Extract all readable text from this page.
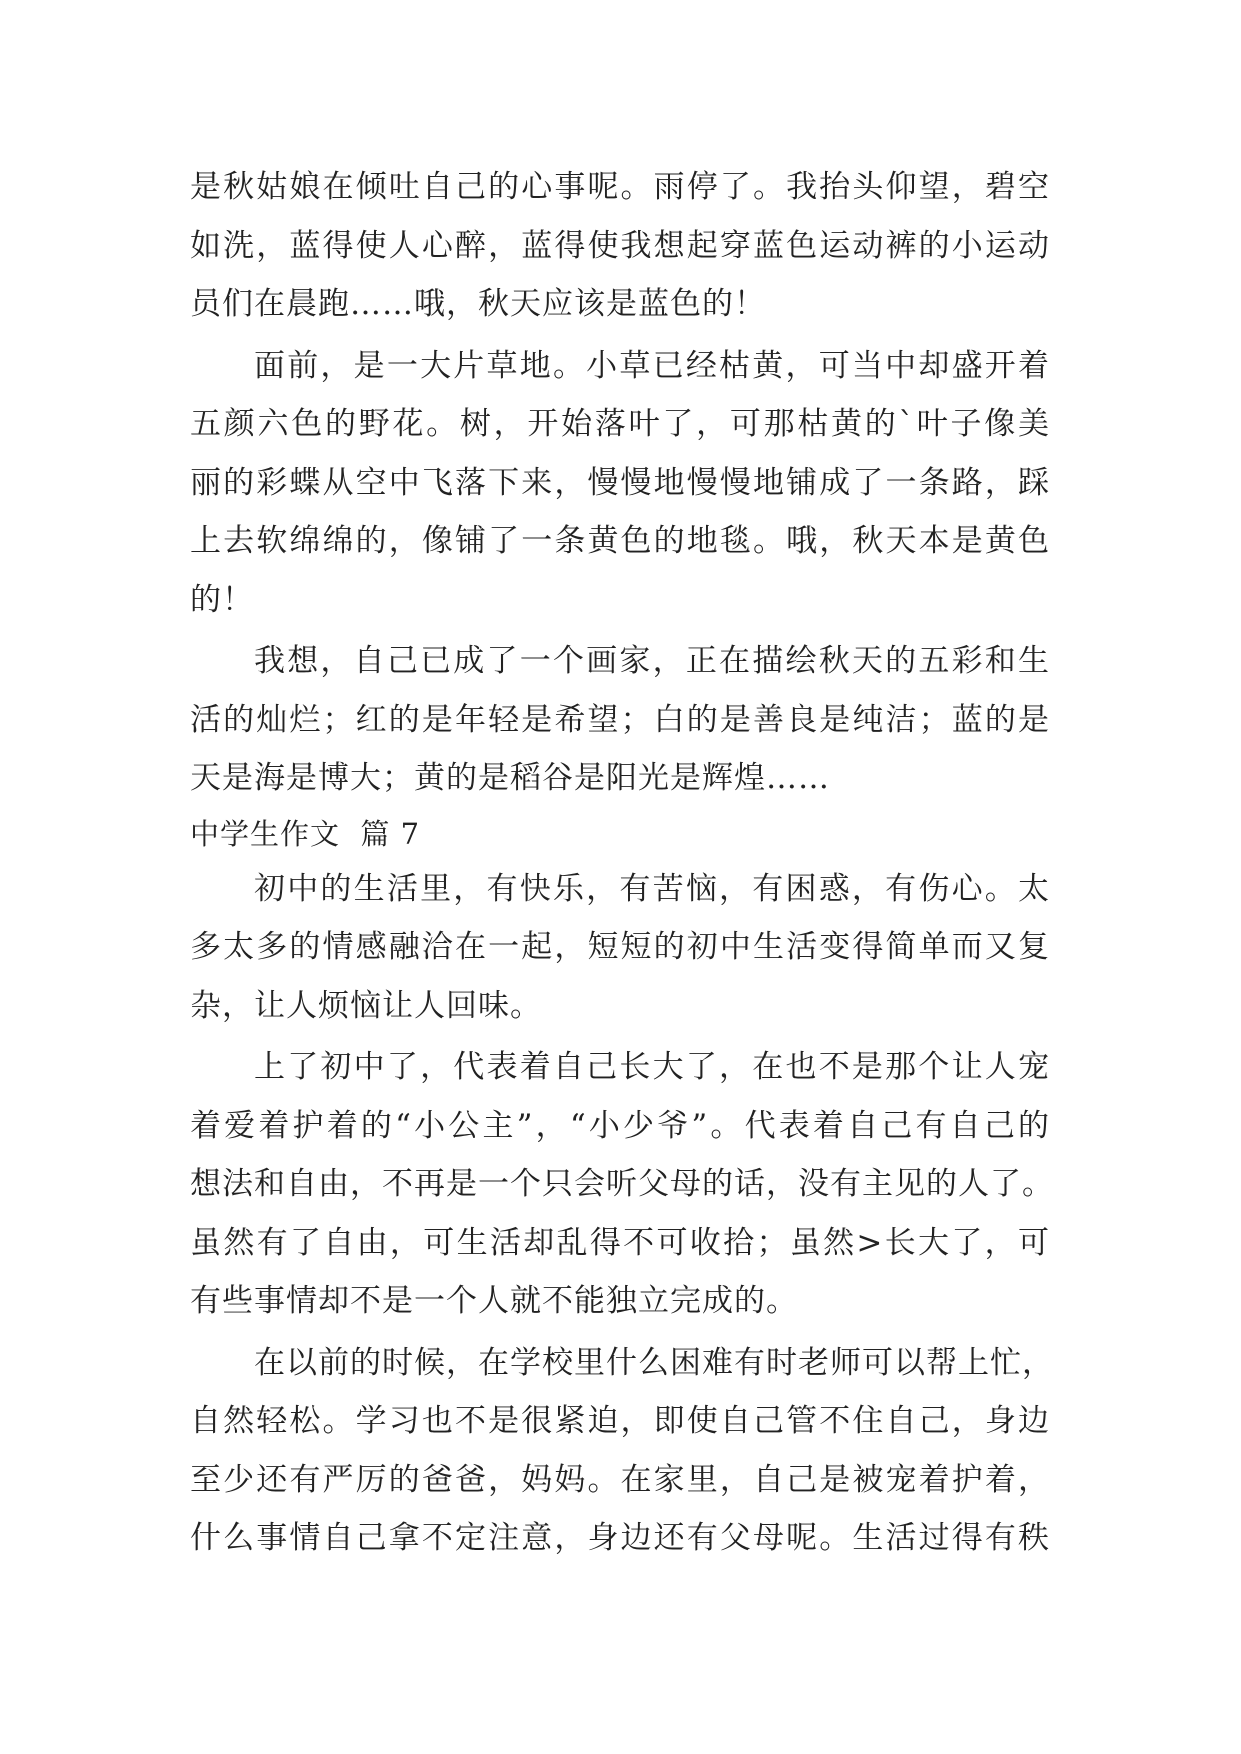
是秋姑娘在倾吐自己的心事呢。雨停了。我抬头仰望，碧空
如洗，蓝得使人心醉，蓝得使我想起穿蓝色运动裤的小运动
员们在晨跑……哦，秋天应该是蓝色的！
面前，是一大片草地。小草已经枯黄，可当中却盛开着
五颜六色的野花。树，开始落叶了，可那枯黄的`叶子像美
丽的彩蝶从空中飞落下来，慢慢地慢慢地铺成了一条路，踩
上去软绵绵的，像铺了一条黄色的地毯。哦，秋天本是黄色
的！
我想，自己已成了一个画家，正在描绘秋天的五彩和生
活的灿烂；红的是年轻是希望；白的是善良是纯洁；蓝的是
天是海是博大；黄的是稻谷是阳光是辉煌……
中学生作文  篇 7
初中的生活里，有快乐，有苦恼，有困惑，有伤心。太
多太多的情感融洽在一起，短短的初中生活变得简单而又复
杂，让人烦恼让人回味。
上了初中了，代表着自己长大了，在也不是那个让人宠
着爱着护着的“小公主”，“小少爷”。代表着自己有自己的
想法和自由，不再是一个只会听父母的话，没有主见的人了。
虽然有了自由，可生活却乱得不可收拾；虽然>长大了，可
有些事情却不是一个人就不能独立完成的。
在以前的时候，在学校里什么困难有时老师可以帮上忙，
自然轻松。学习也不是很紧迫，即使自己管不住自己，身边
至少还有严厉的爸爸，妈妈。在家里，自己是被宠着护着，
什么事情自己拿不定注意，身边还有父母呢。生活过得有秩
